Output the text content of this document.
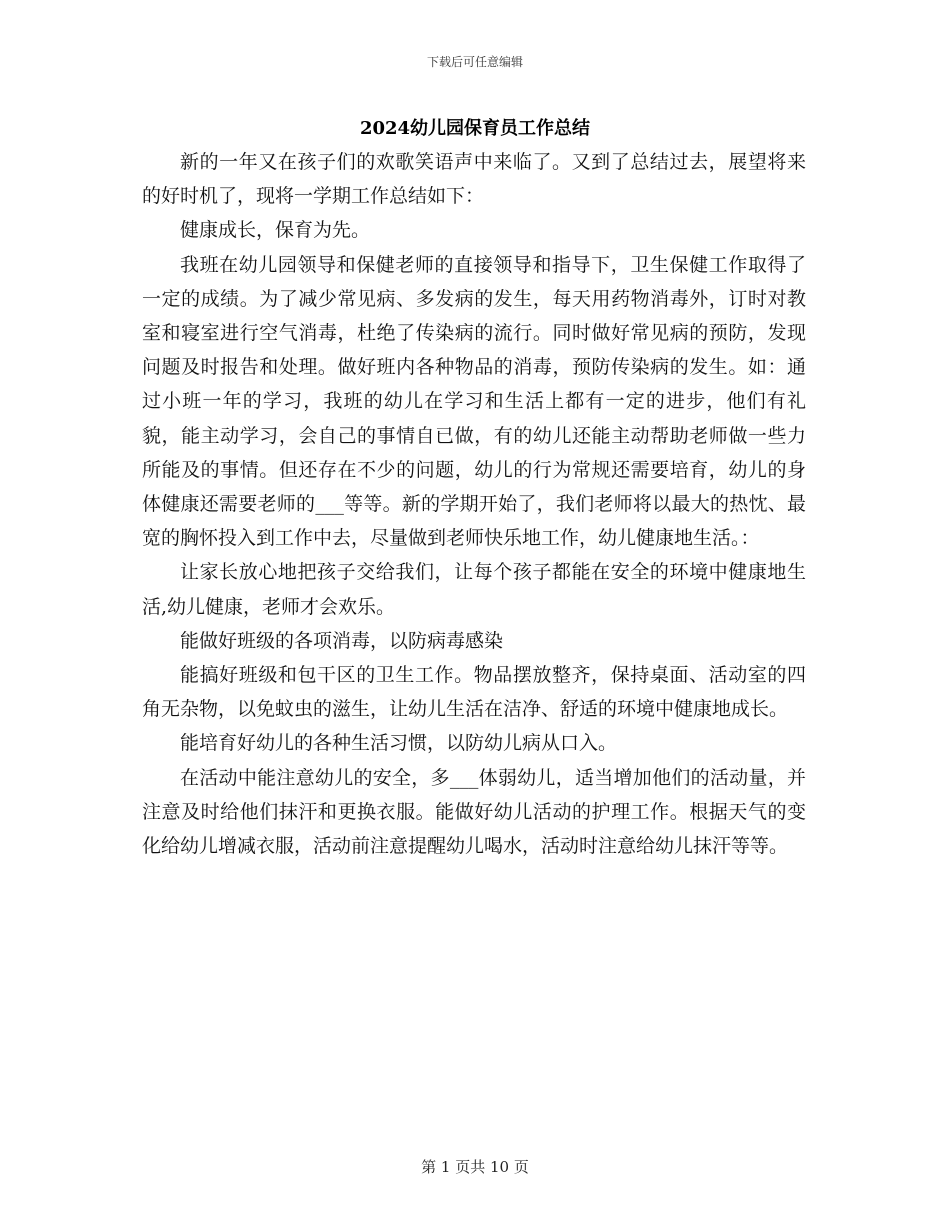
下载后可任意编辑
2024幼儿园保育员工作总结

新的一年又在孩子们的欢歌笑语声中来临了。又到了总结过去，展望将来的好时机了，现将一学期工作总结如下：

健康成长，保育为先。

我班在幼儿园领导和保健老师的直接领导和指导下，卫生保健工作取得了一定的成绩。为了减少常见病、多发病的发生，每天用药物消毒外，订时对教室和寝室进行空气消毒，杜绝了传染病的流行。同时做好常见病的预防，发现问题及时报告和处理。做好班内各种物品的消毒，预防传染病的发生。如：通过小班一年的学习，我班的幼儿在学习和生活上都有一定的进步，他们有礼貌，能主动学习，会自己的事情自已做，有的幼儿还能主动帮助老师做一些力所能及的事情。但还存在不少的问题，幼儿的行为常规还需要培育，幼儿的身体健康还需要老师的___等等。新的学期开始了，我们老师将以最大的热忱、最宽的胸怀投入到工作中去，尽量做到老师快乐地工作，幼儿健康地生活。：

让家长放心地把孩子交给我们，让每个孩子都能在安全的环境中健康地生活,幼儿健康，老师才会欢乐。

能做好班级的各项消毒，以防病毒感染

能搞好班级和包干区的卫生工作。物品摆放整齐，保持桌面、活动室的四角无杂物，以免蚊虫的滋生，让幼儿生活在洁净、舒适的环境中健康地成长。

能培育好幼儿的各种生活习惯，以防幼儿病从口入。

在活动中能注意幼儿的安全，多___体弱幼儿，适当增加他们的活动量，并注意及时给他们抹汗和更换衣服。能做好幼儿活动的护理工作。根据天气的变化给幼儿增减衣服，活动前注意提醒幼儿喝水，活动时注意给幼儿抹汗等等。

第 1 页共 10 页
